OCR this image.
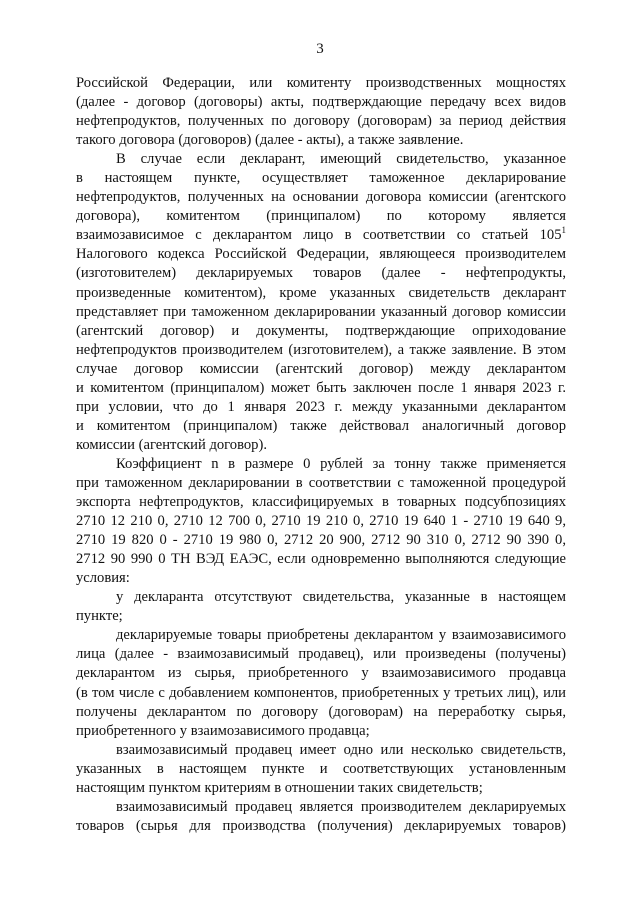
3
Российской Федерации, или комитенту производственных мощностях
(далее - договор (договоры) акты, подтверждающие передачу всех видов
нефтепродуктов, полученных по договору (договорам) за период действия
такого договора (договоров) (далее - акты), а также заявление.
В случае если декларант, имеющий свидетельство, указанное
в настоящем пункте, осуществляет таможенное декларирование
нефтепродуктов, полученных на основании договора комиссии (агентского
договора), комитентом (принципалом) по которому является
взаимозависимое с декларантом лицо в соответствии со статьей $105^1$
Налогового кодекса Российской Федерации, являющееся производителем
(изготовителем) декларируемых товаров (далее - нефтепродукты,
произведенные комитентом), кроме указанных свидетельств декларант
представляет при таможенном декларировании указанный договор комиссии
(агентский договор) и документы, подтверждающие оприходование
нефтепродуктов производителем (изготовителем), а также заявление. В этом
случае договор комиссии (агентский договор) между декларантом
и комитентом (принципалом) может быть заключен после 1 января 2023 г.
при условии, что до 1 января 2023 г. между указанными декларантом
и комитентом (принципалом) также действовал аналогичный договор
комиссии (агентский договор).
Коэффициент n в размере 0 рублей за тонну также применяется
при таможенном декларировании в соответствии с таможенной процедурой
экспорта нефтепродуктов, классифицируемых в товарных подсубпозициях
2710 12 210 0, 2710 12 700 0, 2710 19 210 0, 2710 19 640 1 - 2710 19 640 9,
2710 19 820 0 - 2710 19 980 0, 2712 20 900, 2712 90 310 0, 2712 90 390 0,
2712 90 990 0 ТН ВЭД ЕАЭС, если одновременно выполняются следующие
условия:
у декларанта отсутствуют свидетельства, указанные в настоящем
пункте;
декларируемые товары приобретены декларантом у взаимозависимого
лица (далее - взаимозависимый продавец), или произведены (получены)
декларантом из сырья, приобретенного у взаимозависимого продавца
(в том числе с добавлением компонентов, приобретенных у третьих лиц), или
получены декларантом по договору (договорам) на переработку сырья,
приобретенного у взаимозависимого продавца;
взаимозависимый продавец имеет одно или несколько свидетельств,
указанных в настоящем пункте и соответствующих установленным
настоящим пунктом критериям в отношении таких свидетельств;
взаимозависимый продавец является производителем декларируемых
товаров (сырья для производства (получения) декларируемых товаров)
